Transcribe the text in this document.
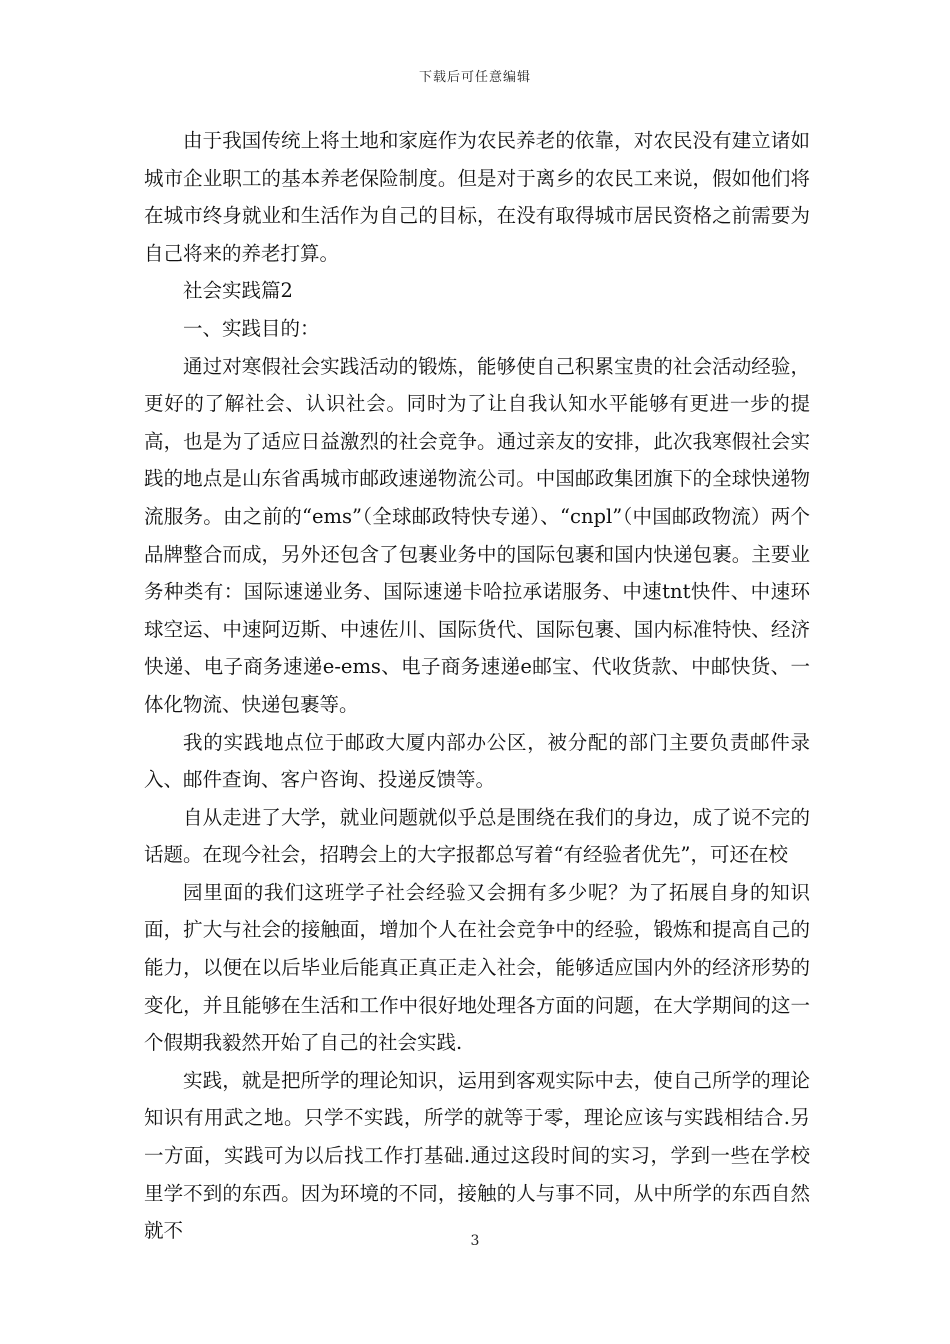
下载后可任意编辑

由于我国传统上将土地和家庭作为农民养老的依靠，对农民没有建立诸如城市企业职工的基本养老保险制度。但是对于离乡的农民工来说，假如他们将在城市终身就业和生活作为自己的目标，在没有取得城市居民资格之前需要为自己将来的养老打算。

社会实践篇2

一、实践目的：

通过对寒假社会实践活动的锻炼，能够使自己积累宝贵的社会活动经验，更好的了解社会、认识社会。同时为了让自我认知水平能够有更进一步的提高，也是为了适应日益激烈的社会竞争。通过亲友的安排，此次我寒假社会实践的地点是山东省禹城市邮政速递物流公司。中国邮政集团旗下的全球快递物流服务。由之前的“ems”（全球邮政特快专递）、“cnpl”（中国邮政物流）两个品牌整合而成，另外还包含了包裹业务中的国际包裹和国内快递包裹。主要业务种类有：国际速递业务、国际速递卡哈拉承诺服务、中速tnt快件、中速环球空运、中速阿迈斯、中速佐川、国际货代、国际包裹、国内标准特快、经济快递、电子商务速递e-ems、电子商务速递e邮宝、代收货款、中邮快货、一体化物流、快递包裹等。

我的实践地点位于邮政大厦内部办公区，被分配的部门主要负责邮件录入、邮件查询、客户咨询、投递反馈等。

自从走进了大学，就业问题就似乎总是围绕在我们的身边，成了说不完的话题。在现今社会，招聘会上的大字报都总写着“有经验者优先”，可还在校

园里面的我们这班学子社会经验又会拥有多少呢？为了拓展自身的知识面，扩大与社会的接触面，增加个人在社会竞争中的经验，锻炼和提高自己的能力，以便在以后毕业后能真正真正走入社会，能够适应国内外的经济形势的变化，并且能够在生活和工作中很好地处理各方面的问题，在大学期间的这一个假期我毅然开始了自己的社会实践.

实践，就是把所学的理论知识，运用到客观实际中去，使自己所学的理论知识有用武之地。只学不实践，所学的就等于零，理论应该与实践相结合.另一方面，实践可为以后找工作打基础.通过这段时间的实习，学到一些在学校里学不到的东西。因为环境的不同，接触的人与事不同，从中所学的东西自然就不	3
